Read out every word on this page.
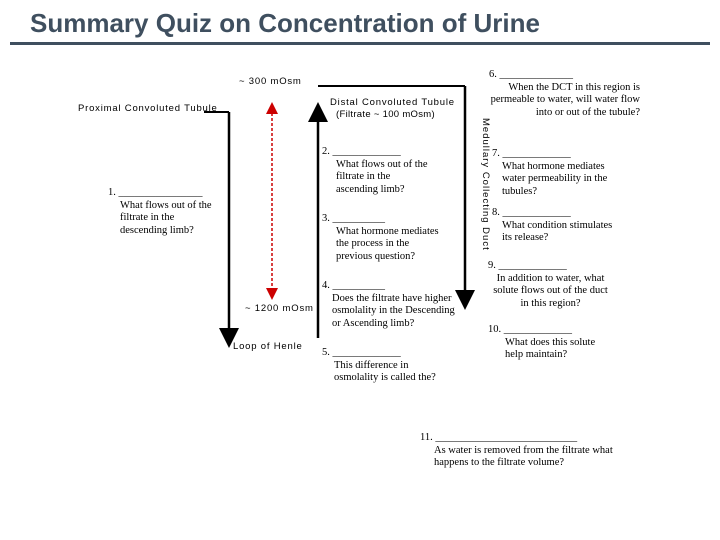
Summary Quiz on Concentration of Urine
~ 300 mOsm
Proximal Convoluted Tubule
Distal Convoluted Tubule
(Filtrate ~ 100 mOsm)
~ 1200 mOsm
Loop of Henle
Medullary Collecting Duct
1. ________________
What flows out of the filtrate in the descending limb?
2. _____________
What flows out of the filtrate in the ascending limb?
3. __________
What hormone mediates the process in the previous question?
4. __________
Does the filtrate have higher osmolality in the Descending or Ascending limb?
5. _____________
This difference in osmolality is called the?
6. ______________
When the DCT in this region is permeable to water, will water flow into or out of the tubule?
7. _____________
What hormone mediates water permeability in the tubules?
8. _____________
What condition stimulates its release?
9. _____________
In addition to water, what solute flows out of the duct in this region?
10. _____________
What does this solute help maintain?
11. ___________________________
As water is removed from the filtrate what happens to the filtrate volume?
